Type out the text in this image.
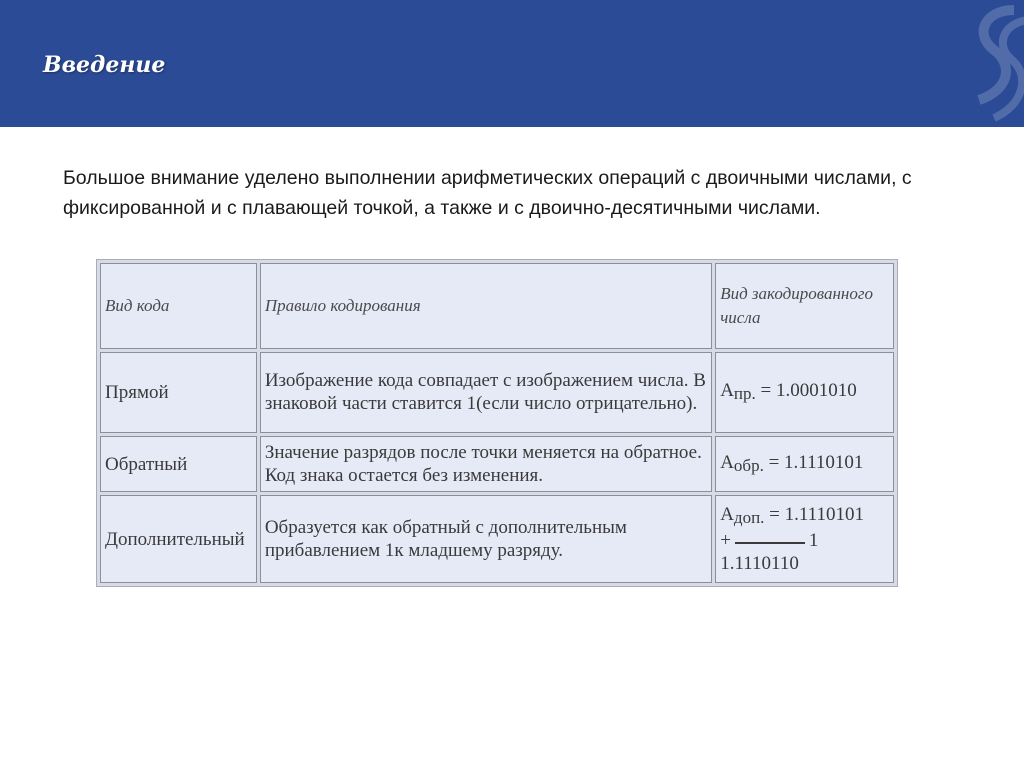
Введение
Большое внимание уделено выполнении арифметических операций с двоичными числами, с фиксированной и с плавающей точкой, а также и с двоично-десятичными числами.
Вид кода	Правило кодирования	Вид закодированного числа
Прямой	Изображение кода совпадает с изображением числа. В знаковой части ставится 1(если число отрицательно).	Aпр. = 1.0001010
Обратный	Значение разрядов после точки меняется на обратное. Код знака остается без изменения.	Aобр. = 1.1110101
Дополнительный	Образуется как обратный с дополнительным прибавлением 1к младшему разряду.	Aдоп. = 1.1110101
+ 1
1.1110110
